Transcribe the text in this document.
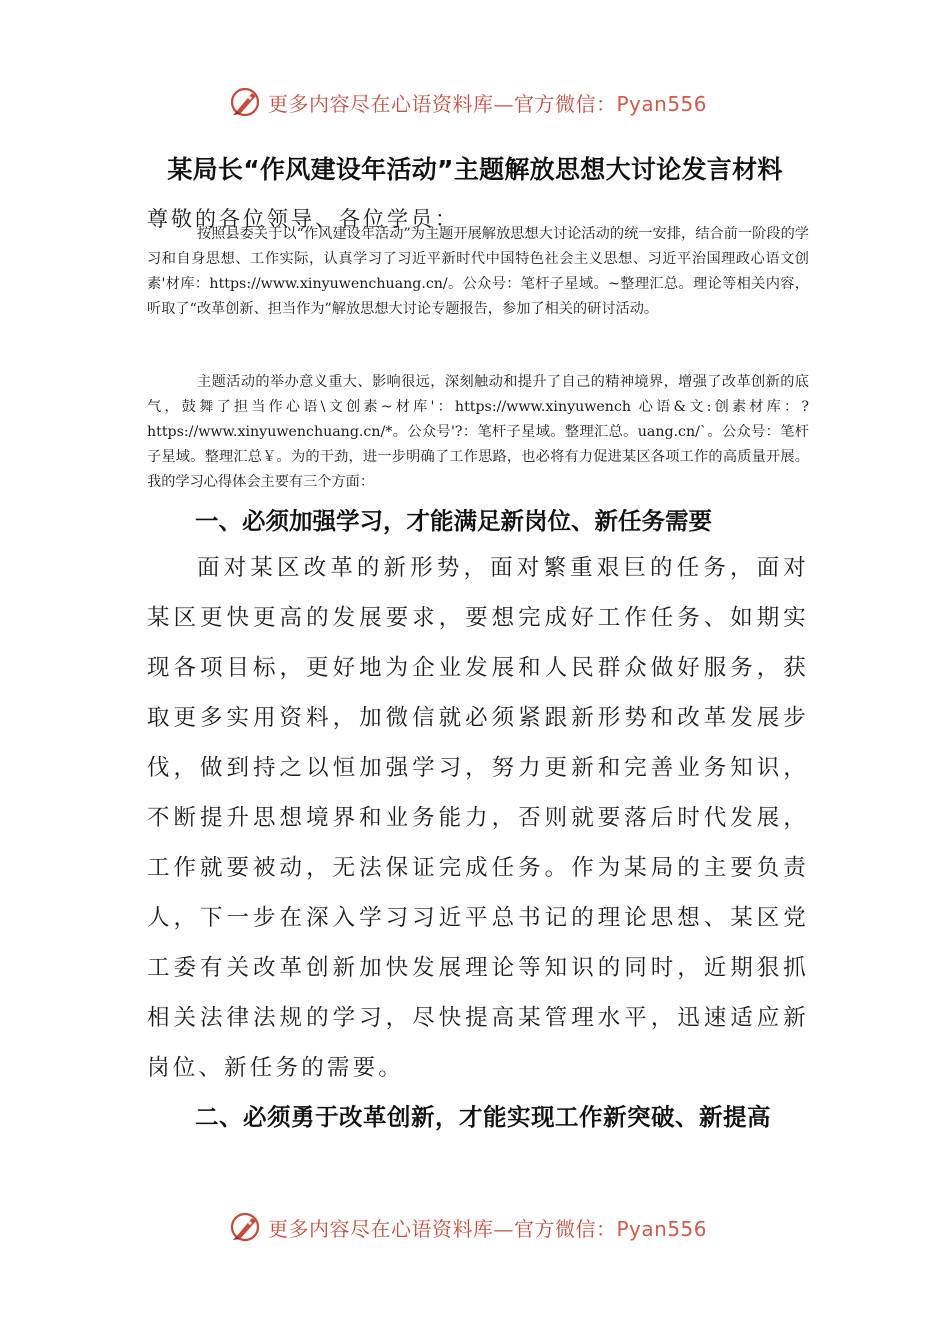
更多内容尽在心语资料库—官方微信：Pyan556
某局长“作风建设年活动”主题解放思想大讨论发言材料
尊敬的各位领导、各位学员：

按照县委关于以“作风建设年活动”为主题开展解放思想大讨论活动的统一安排，结合前一阶段的学习和自身思想、工作实际，认真学习了习近平新时代中国特色社会主义思想、习近平治国理政心语文创素'材库：https://www.xinyuwenchuang.cn/。公众号：笔杆子星域。~整理汇总。理论等相关内容，听取了“改革创新、担当作为”解放思想大讨论专题报告，参加了相关的研讨活动。

主题活动的举办意义重大、影响很远，深刻触动和提升了自己的精神境界，增强了改革创新的底气，鼓舞了担当作心语\文创素~材库'：https://www.xinyuwench 心语&文:创素材库：?https://www.xinyuwenchuang.cn/*。公众号'?：笔杆子星域。整理汇总。uang.cn/`。公众号：笔杆子星域。整理汇总￥。为的干劲，进一步明确了工作思路，也必将有力促进某区各项工作的高质量开展。我的学习心得体会主要有三个方面：

一、必须加强学习，才能满足新岗位、新任务需要

面对某区改革的新形势，面对繁重艰巨的任务，面对某区更快更高的发展要求，要想完成好工作任务、如期实现各项目标，更好地为企业发展和人民群众做好服务，获取更多实用资料，加微信就必须紧跟新形势和改革发展步伐，做到持之以恒加强学习，努力更新和完善业务知识，不断提升思想境界和业务能力，否则就要落后时代发展，工作就要被动，无法保证完成任务。作为某局的主要负责人，下一步在深入学习习近平总书记的理论思想、某区党工委有关改革创新加快发展理论等知识的同时，近期狠抓相关法律法规的学习，尽快提高某管理水平，迅速适应新岗位、新任务的需要。

二、必须勇于改革创新，才能实现工作新突破、新提高
更多内容尽在心语资料库—官方微信：Pyan556
